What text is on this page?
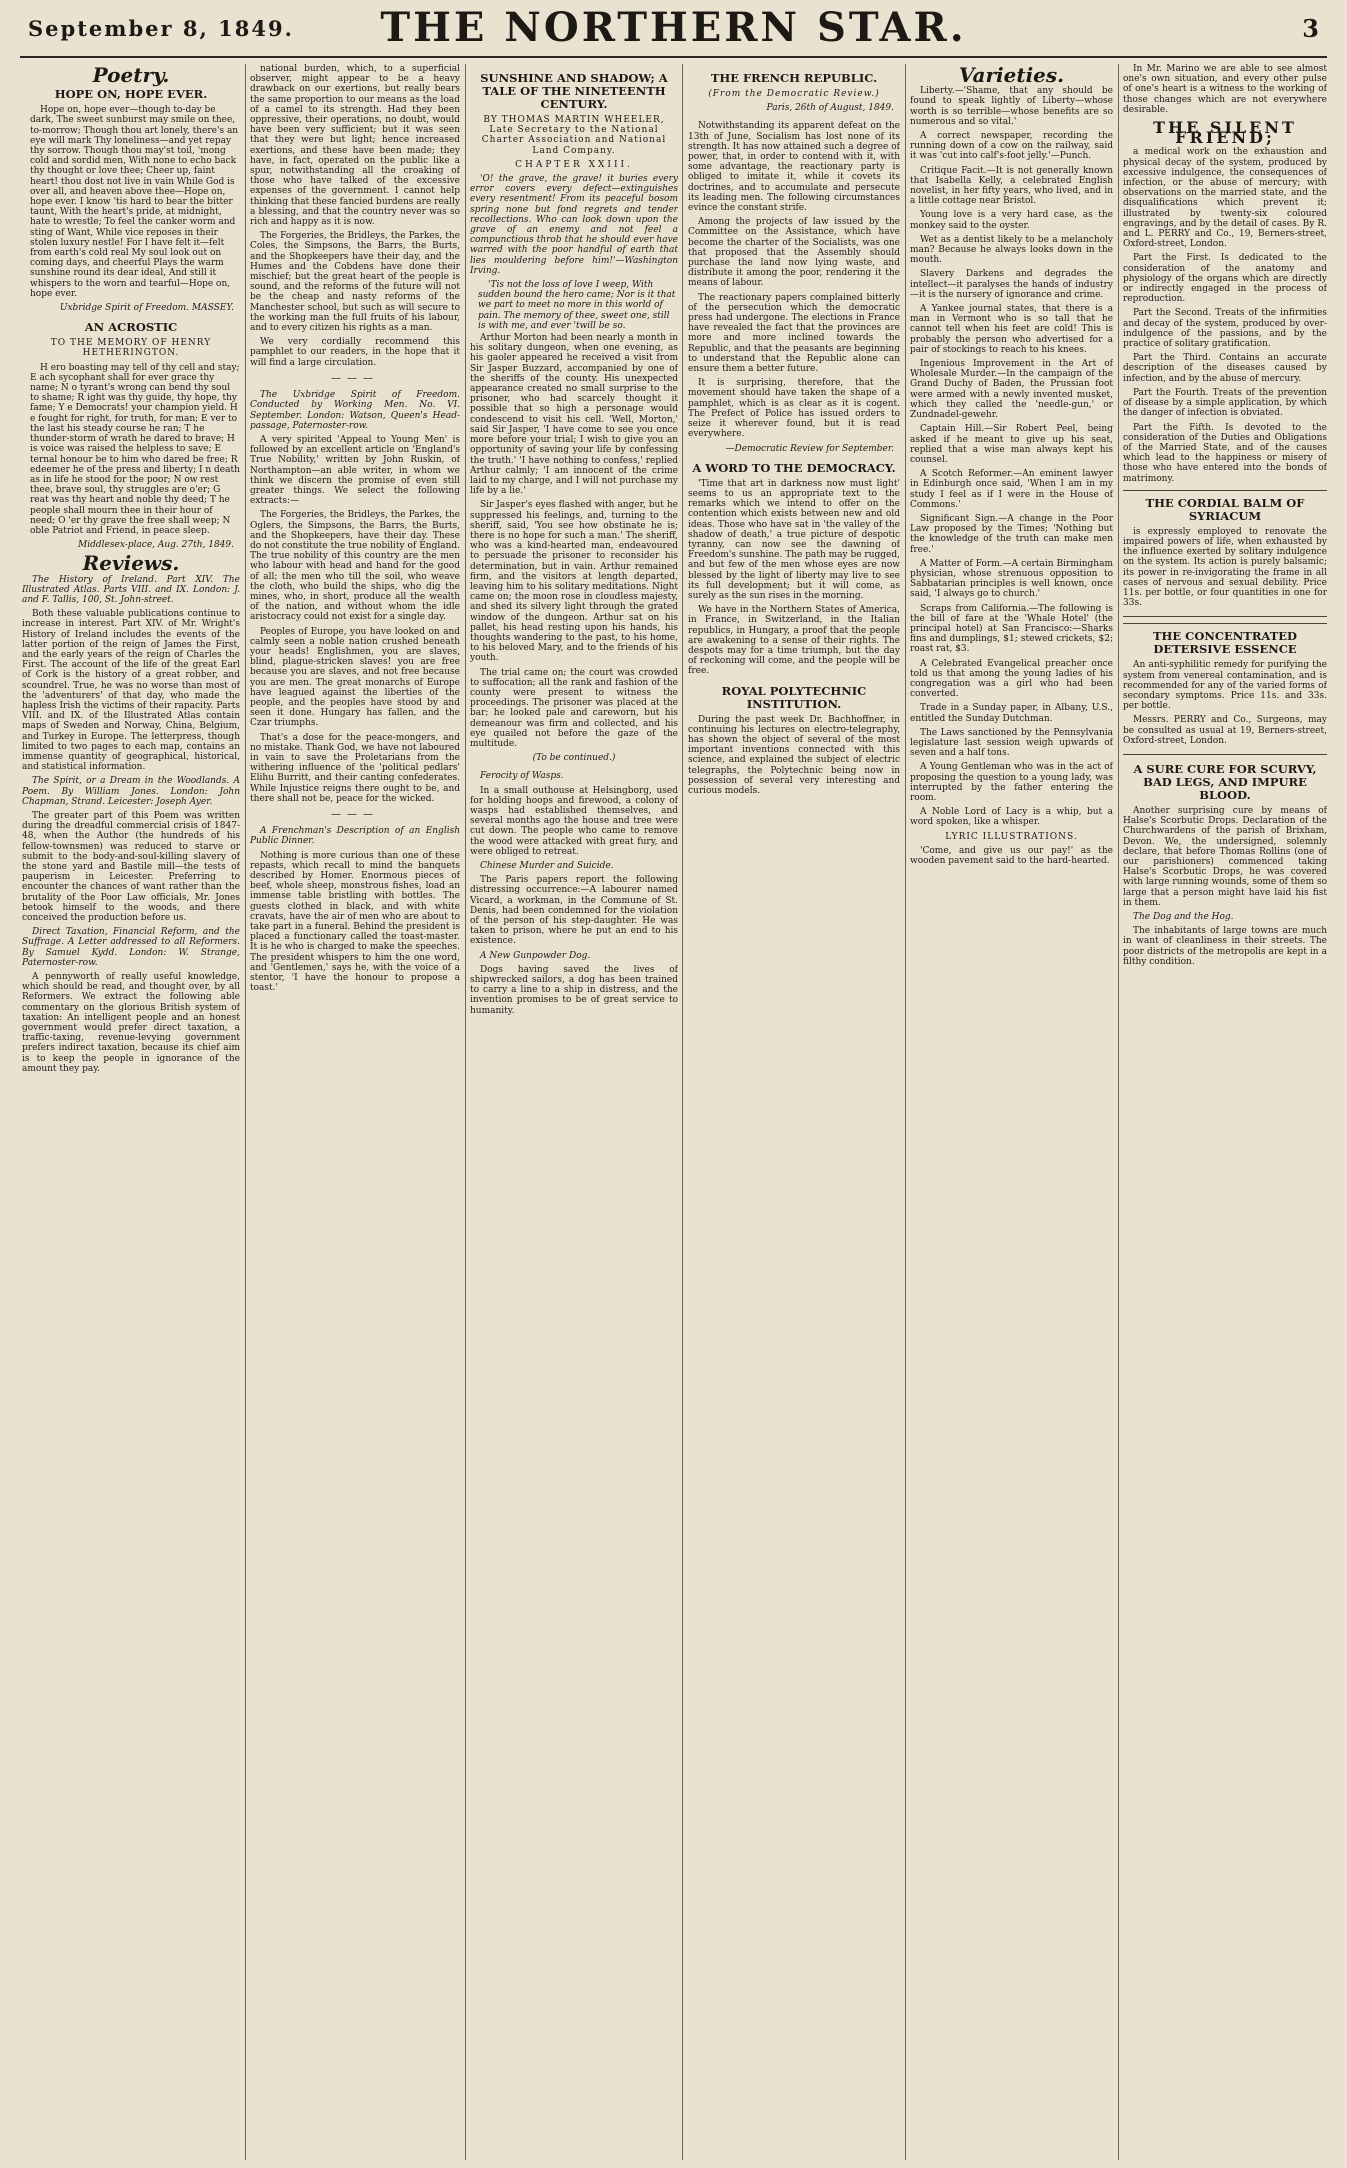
September 8, 1849.	THE NORTHERN STAR.	3
Poetry.
HOPE ON, HOPE EVER.

Hope on, hope ever—though to-day be dark, The sweet sunburst may smile on thee, to-morrow; Though thou art lonely, there's an eye will mark Thy loneliness—and yet repay thy sorrow. Though thou may'st toil, 'mong cold and sordid men, With none to echo back thy thought or love thee; Cheer up, faint heart! thou dost not live in vain While God is over all, and heaven above thee—Hope on, hope ever. I know 'tis hard to bear the bitter taunt, With the heart's pride, at midnight, hate to wrestle; To feel the canker worm and sting of Want, While vice reposes in their stolen luxury nestle! For I have felt it—felt from earth's cold real My soul look out on coming days, and cheerful Plays the warm sunshine round its dear ideal, And still it whispers to the worn and tearful—Hope on, hope ever.

Uxbridge Spirit of Freedom. MASSEY.
AN ACROSTIC
TO THE MEMORY OF HENRY HETHERINGTON.

H ero boasting may tell of thy cell and stay; E ach sycophant shall for ever grace thy name; N o tyrant's wrong can bend thy soul to shame; R ight was thy guide, thy hope, thy fame; Y e Democrats! your champion yield. H e fought for right, for truth, for man; E ver to the last his steady course he ran; T he thunder-storm of wrath he dared to brave; H is voice was raised the helpless to save; E ternal honour be to him who dared be free; R edeemer he of the press and liberty; I n death as in life he stood for the poor; N ow rest thee, brave soul, thy struggles are o'er; G reat was thy heart and noble thy deed; T he people shall mourn thee in their hour of need; O 'er thy grave the free shall weep; N oble Patriot and Friend, in peace sleep.

Middlesex-place, Aug. 27th, 1849.
Reviews.

The History of Ireland. Part XIV. The Illustrated Atlas. Parts VIII. and IX. London: J. and F. Tallis, 100, St. John-street.

Both these valuable publications continue to increase in interest. Part XIV. of Mr. Wright's History of Ireland includes the events of the latter portion of the reign of James the First, and the early years of the reign of Charles the First. The account of the life of the great Earl of Cork is the history of a great robber, and scoundrel. True, he was no worse than most of the 'adventurers' of that day, who made the hapless Irish the victims of their rapacity. Parts VIII. and IX. of the Illustrated Atlas contain maps of Sweden and Norway, China, Belgium, and Turkey in Europe. The letterpress, though limited to two pages to each map, contains an immense quantity of geographical, historical, and statistical information.

The Spirit, or a Dream in the Woodlands. A Poem. By William Jones. London: John Chapman, Strand. Leicester: Joseph Ayer.

The greater part of this Poem was written during the dreadful commercial crisis of 1847-48, when the Author (the hundreds of his fellow-townsmen) was reduced to starve or submit to the body-and-soul-killing slavery of the stone yard and Bastile mill—the tests of pauperism in Leicester. Preferring to encounter the chances of want rather than the brutality of the Poor Law officials, Mr. Jones betook himself to the woods, and there conceived the production before us.

Direct Taxation, Financial Reform, and the Suffrage. A Letter addressed to all Reformers. By Samuel Kydd. London: W. Strange, Paternoster-row.

A pennyworth of really useful knowledge, which should be read, and thought over, by all Reformers. We extract the following able commentary on the glorious British system of taxation: An intelligent people and an honest government would prefer direct taxation, a traffic-taxing, revenue-levying government prefers indirect taxation, because its chief aim is to keep the people in ignorance of the amount they pay.

national burden, which, to a superficial observer, might appear to be a heavy drawback on our exertions, but really bears the same proportion to our means as the load of a camel to its strength. Had they been oppressive, their operations, no doubt, would have been very sufficient; but it was seen that they were but light; hence increased exertions, and these have been made; they have, in fact, operated on the public like a spur, notwithstanding all the croaking of those who have talked of the excessive expenses of the government. I cannot help thinking that these fancied burdens are really a blessing, and that the country never was so rich and happy as it is now.

The Forgeries, the Bridleys, the Parkes, the Coles, the Simpsons, the Barrs, the Burts, and the Shopkeepers have their day, and the Humes and the Cobdens have done their mischief; but the great heart of the people is sound, and the reforms of the future will not be the cheap and nasty reforms of the Manchester school, but such as will secure to the working man the full fruits of his labour, and to every citizen his rights as a man.

We very cordially recommend this pamphlet to our readers, in the hope that it will find a large circulation.

———

The Uxbridge Spirit of Freedom. Conducted by Working Men. No. VI. September. London: Watson, Queen's Head-passage, Paternoster-row.

A very spirited 'Appeal to Young Men' is followed by an excellent article on 'England's True Nobility,' written by John Ruskin, of Northampton—an able writer, in whom we think we discern the promise of even still greater things. We select the following extracts:—

The Forgeries, the Bridleys, the Parkes, the Oglers, the Simpsons, the Barrs, the Burts, and the Shopkeepers, have their day. These do not constitute the true nobility of England. The true nobility of this country are the men who labour with head and hand for the good of all; the men who till the soil, who weave the cloth, who build the ships, who dig the mines, who, in short, produce all the wealth of the nation, and without whom the idle aristocracy could not exist for a single day.

Peoples of Europe, you have looked on and calmly seen a noble nation crushed beneath your heads! Englishmen, you are slaves, blind, plague-stricken slaves! you are free because you are slaves, and not free because you are men. The great monarchs of Europe have leagued against the liberties of the people, and the peoples have stood by and seen it done. Hungary has fallen, and the Czar triumphs.

That's a dose for the peace-mongers, and no mistake. Thank God, we have not laboured in vain to save the Proletarians from the withering influence of the 'political pedlars' Elihu Burritt, and their canting confederates. While Injustice reigns there ought to be, and there shall not be, peace for the wicked.

———

A Frenchman's Description of an English Public Dinner.

Nothing is more curious than one of these repasts, which recall to mind the banquets described by Homer. Enormous pieces of beef, whole sheep, monstrous fishes, load an immense table bristling with bottles. The guests clothed in black, and with white cravats, have the air of men who are about to take part in a funeral. Behind the president is placed a functionary called the toast-master. It is he who is charged to make the speeches. The president whispers to him the one word, and 'Gentlemen,' says he, with the voice of a stentor, 'I have the honour to propose a toast.'

SUNSHINE AND SHADOW; A TALE OF THE NINETEENTH CENTURY.
BY THOMAS MARTIN WHEELER, Late Secretary to the National Charter Association and National Land Company.
CHAPTER XXIII.

'O! the grave, the grave! it buries every error covers every defect—extinguishes every resentment! From its peaceful bosom spring none but fond regrets and tender recollections. Who can look down upon the grave of an enemy and not feel a compunctious throb that he should ever have warred with the poor handful of earth that lies mouldering before him!'—Washington Irving.

'Tis not the loss of love I weep, With sudden bound the hero came; Nor is it that we part to meet no more in this world of pain. The memory of thee, sweet one, still is with me, and ever 'twill be so.

Arthur Morton had been nearly a month in his solitary dungeon, when one evening, as his gaoler appeared he received a visit from Sir Jasper Buzzard, accompanied by one of the sheriffs of the county. His unexpected appearance created no small surprise to the prisoner, who had scarcely thought it possible that so high a personage would condescend to visit his cell. 'Well, Morton,' said Sir Jasper, 'I have come to see you once more before your trial; I wish to give you an opportunity of saving your life by confessing the truth.' 'I have nothing to confess,' replied Arthur calmly; 'I am innocent of the crime laid to my charge, and I will not purchase my life by a lie.'

Sir Jasper's eyes flashed with anger, but he suppressed his feelings, and, turning to the sheriff, said, 'You see how obstinate he is; there is no hope for such a man.' The sheriff, who was a kind-hearted man, endeavoured to persuade the prisoner to reconsider his determination, but in vain. Arthur remained firm, and the visitors at length departed, leaving him to his solitary meditations. Night came on; the moon rose in cloudless majesty, and shed its silvery light through the grated window of the dungeon. Arthur sat on his pallet, his head resting upon his hands, his thoughts wandering to the past, to his home, to his beloved Mary, and to the friends of his youth.

The trial came on; the court was crowded to suffocation; all the rank and fashion of the county were present to witness the proceedings. The prisoner was placed at the bar; he looked pale and careworn, but his demeanour was firm and collected, and his eye quailed not before the gaze of the multitude.

(To be continued.)

Ferocity of Wasps.

In a small outhouse at Helsingborg, used for holding hoops and firewood, a colony of wasps had established themselves, and several months ago the house and tree were cut down. The people who came to remove the wood were attacked with great fury, and were obliged to retreat.

Chinese Murder and Suicide.

The Paris papers report the following distressing occurrence:—A labourer named Vicard, a workman, in the Commune of St. Denis, had been condemned for the violation of the person of his step-daughter. He was taken to prison, where he put an end to his existence.

A New Gunpowder Dog.

Dogs having saved the lives of shipwrecked sailors, a dog has been trained to carry a line to a ship in distress, and the invention promises to be of great service to humanity.

THE FRENCH REPUBLIC.
(From the Democratic Review.)
Paris, 26th of August, 1849.

Notwithstanding its apparent defeat on the 13th of June, Socialism has lost none of its strength. It has now attained such a degree of power, that, in order to contend with it, with some advantage, the reactionary party is obliged to imitate it, while it covets its doctrines, and to accumulate and persecute its leading men. The following circumstances evince the constant strife.

Among the projects of law issued by the Committee on the Assistance, which have become the charter of the Socialists, was one that proposed that the Assembly should purchase the land now lying waste, and distribute it among the poor, rendering it the means of labour.

The reactionary papers complained bitterly of the persecution which the democratic press had undergone. The elections in France have revealed the fact that the provinces are more and more inclined towards the Republic, and that the peasants are beginning to understand that the Republic alone can ensure them a better future.

It is surprising, therefore, that the movement should have taken the shape of a pamphlet, which is as clear as it is cogent. The Prefect of Police has issued orders to seize it wherever found, but it is read everywhere.

—Democratic Review for September.
A WORD TO THE DEMOCRACY.

'Time that art in darkness now must light' seems to us an appropriate text to the remarks which we intend to offer on the contention which exists between new and old ideas. Those who have sat in 'the valley of the shadow of death,' a true picture of despotic tyranny, can now see the dawning of Freedom's sunshine. The path may be rugged, and but few of the men whose eyes are now blessed by the light of liberty may live to see its full development; but it will come, as surely as the sun rises in the morning.

We have in the Northern States of America, in France, in Switzerland, in the Italian republics, in Hungary, a proof that the people are awakening to a sense of their rights. The despots may for a time triumph, but the day of reckoning will come, and the people will be free.

ROYAL POLYTECHNIC INSTITUTION.

During the past week Dr. Bachhoffner, in continuing his lectures on electro-telegraphy, has shown the object of several of the most important inventions connected with this science, and explained the subject of electric telegraphs, the Polytechnic being now in possession of several very interesting and curious models.

Varieties.

Liberty.—'Shame, that any should be found to speak lightly of Liberty—whose worth is so terrible—whose benefits are so numerous and so vital.'

A correct newspaper, recording the running down of a cow on the railway, said it was 'cut into calf's-foot jelly.'—Punch.

Critique Facit.—It is not generally known that Isabella Kelly, a celebrated English novelist, in her fifty years, who lived, and in a little cottage near Bristol.

Young love is a very hard case, as the monkey said to the oyster.

Wet as a dentist likely to be a melancholy man? Because he always looks down in the mouth.

Slavery Darkens and degrades the intellect—it paralyses the hands of industry—it is the nursery of ignorance and crime.

A Yankee journal states, that there is a man in Vermont who is so tall that he cannot tell when his feet are cold! This is probably the person who advertised for a pair of stockings to reach to his knees.

Ingenious Improvement in the Art of Wholesale Murder.—In the campaign of the Grand Duchy of Baden, the Prussian foot were armed with a newly invented musket, which they called the 'needle-gun,' or Zundnadel-gewehr.

Captain Hill.—Sir Robert Peel, being asked if he meant to give up his seat, replied that a wise man always kept his counsel.

A Scotch Reformer.—An eminent lawyer in Edinburgh once said, 'When I am in my study I feel as if I were in the House of Commons.'

Significant Sign.—A change in the Poor Law proposed by the Times; 'Nothing but the knowledge of the truth can make men free.'

A Matter of Form.—A certain Birmingham physician, whose strenuous opposition to Sabbatarian principles is well known, once said, 'I always go to church.'

Scraps from California.—The following is the bill of fare at the 'Whale Hotel' (the principal hotel) at San Francisco:—Sharks fins and dumplings, $1; stewed crickets, $2; roast rat, $3.

A Celebrated Evangelical preacher once told us that among the young ladies of his congregation was a girl who had been converted.

Trade in a Sunday paper, in Albany, U.S., entitled the Sunday Dutchman.

The Laws sanctioned by the Pennsylvania legislature last session weigh upwards of seven and a half tons.

A Young Gentleman who was in the act of proposing the question to a young lady, was interrupted by the father entering the room.

A Noble Lord of Lacy is a whip, but a word spoken, like a whisper.

LYRIC ILLUSTRATIONS.

'Come, and give us our pay!' as the wooden pavement said to the hard-hearted.

In Mr. Marino we are able to see almost one's own situation, and every other pulse of one's heart is a witness to the working of those changes which are not everywhere desirable.

THE SILENT FRIEND;

a medical work on the exhaustion and physical decay of the system, produced by excessive indulgence, the consequences of infection, or the abuse of mercury; with observations on the married state, and the disqualifications which prevent it; illustrated by twenty-six coloured engravings, and by the detail of cases. By R. and L. PERRY and Co., 19, Berners-street, Oxford-street, London.

Part the First. Is dedicated to the consideration of the anatomy and physiology of the organs which are directly or indirectly engaged in the process of reproduction.

Part the Second. Treats of the infirmities and decay of the system, produced by over-indulgence of the passions, and by the practice of solitary gratification.

Part the Third. Contains an accurate description of the diseases caused by infection, and by the abuse of mercury.

Part the Fourth. Treats of the prevention of disease by a simple application, by which the danger of infection is obviated.

Part the Fifth. Is devoted to the consideration of the Duties and Obligations of the Married State, and of the causes which lead to the happiness or misery of those who have entered into the bonds of matrimony.

THE CORDIAL BALM OF SYRIACUM

is expressly employed to renovate the impaired powers of life, when exhausted by the influence exerted by solitary indulgence on the system. Its action is purely balsamic; its power in re-invigorating the frame in all cases of nervous and sexual debility. Price 11s. per bottle, or four quantities in one for 33s.

THE CONCENTRATED DETERSIVE ESSENCE

An anti-syphilitic remedy for purifying the system from venereal contamination, and is recommended for any of the varied forms of secondary symptoms. Price 11s. and 33s. per bottle.

Messrs. PERRY and Co., Surgeons, may be consulted as usual at 19, Berners-street, Oxford-street, London.

A SURE CURE FOR SCURVY, BAD LEGS, AND IMPURE BLOOD.

Another surprising cure by means of Halse's Scorbutic Drops. Declaration of the Churchwardens of the parish of Brixham, Devon. We, the undersigned, solemnly declare, that before Thomas Rollins (one of our parishioners) commenced taking Halse's Scorbutic Drops, he was covered with large running wounds, some of them so large that a person might have laid his fist in them.

The Dog and the Hog.

The inhabitants of large towns are much in want of cleanliness in their streets. The poor districts of the metropolis are kept in a filthy condition.
